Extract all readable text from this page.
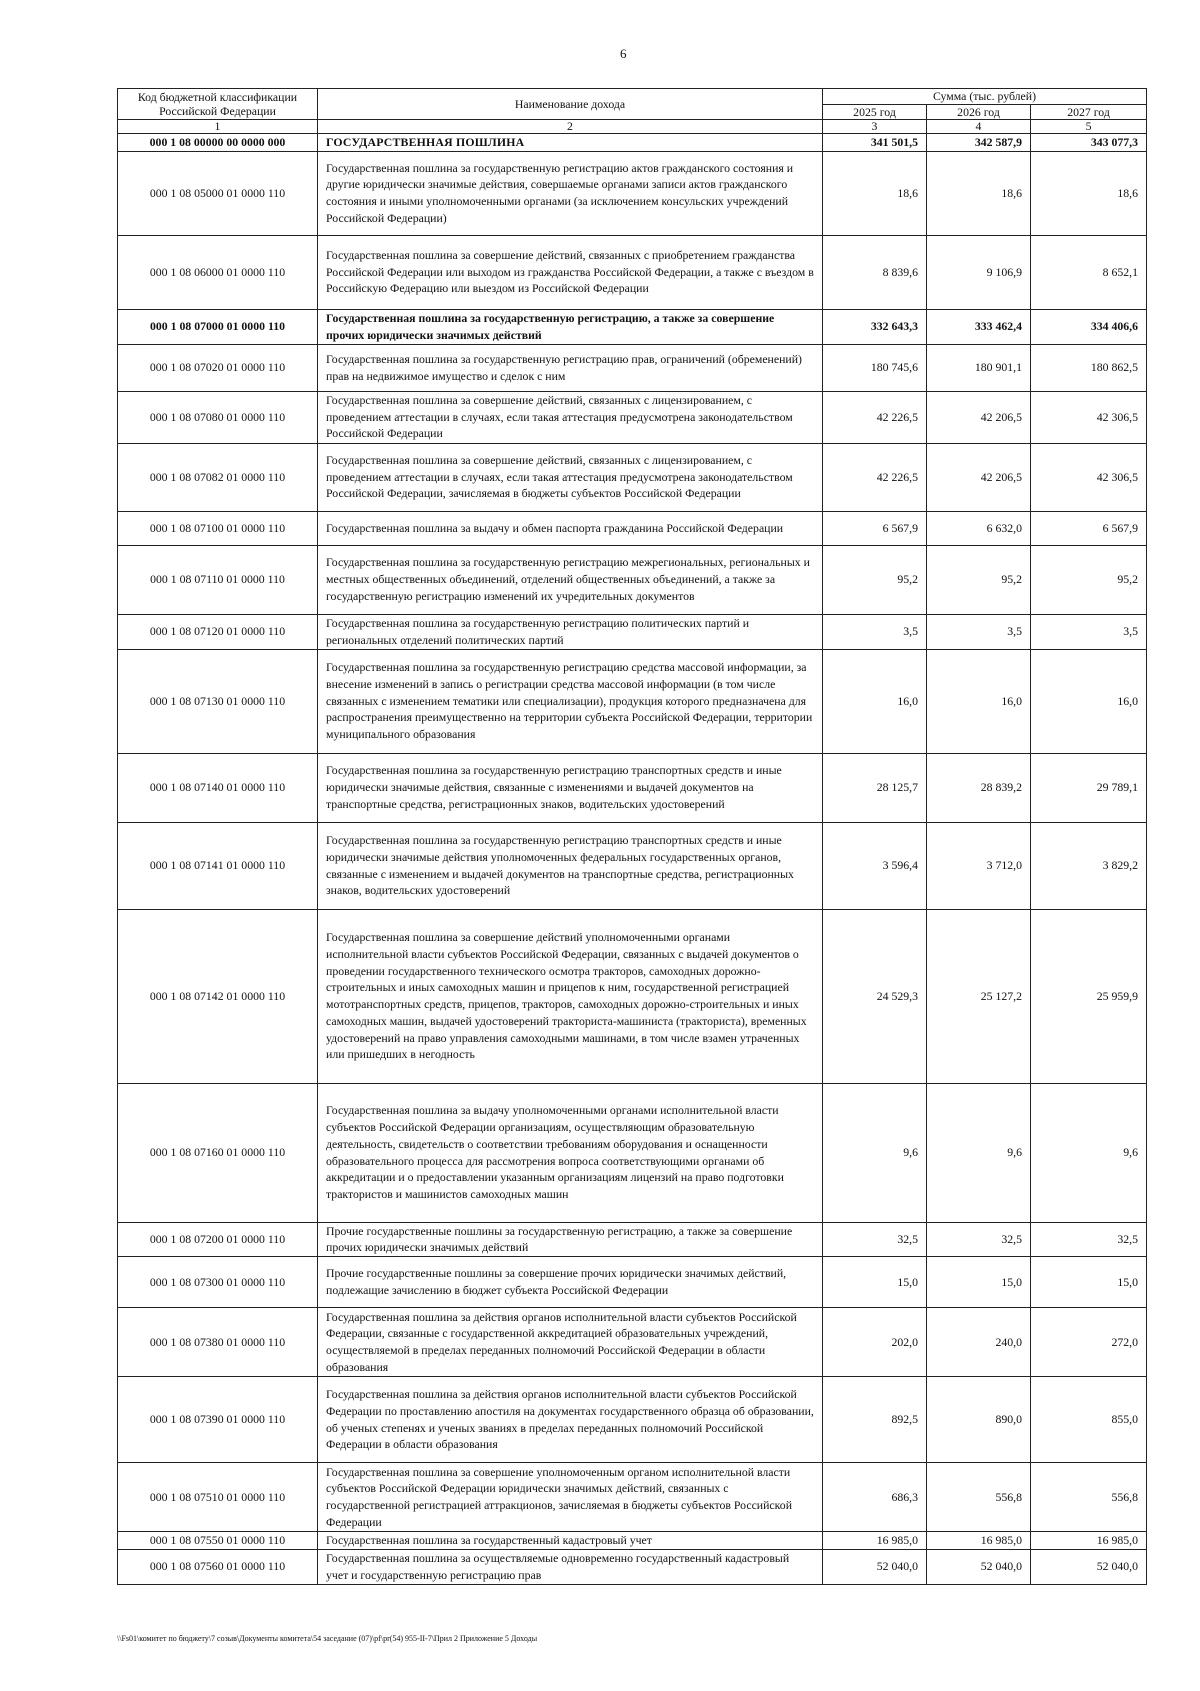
6
Код бюджетной классификации Российской Федерации	Наименование дохода	Сумма (тыс. рублей)		
		2025 год	2026 год	2027 год
1	2	3	4	5
000 1 08 00000 00 0000 000	ГОСУДАРСТВЕННАЯ ПОШЛИНА	341 501,5	342 587,9	343 077,3
000 1 08 05000 01 0000 110	Государственная пошлина за государственную регистрацию актов гражданского состояния и другие юридически значимые действия, совершаемые органами записи актов гражданского состояния и иными уполномоченными органами (за исключением консульских учреждений Российской Федерации)	18,6	18,6	18,6
000 1 08 06000 01 0000 110	Государственная пошлина за совершение действий, связанных с приобретением гражданства Российской Федерации или выходом из гражданства Российской Федерации, а также с въездом в Российскую Федерацию или выездом из Российской Федерации	8 839,6	9 106,9	8 652,1
000 1 08 07000 01 0000 110	Государственная пошлина за государственную регистрацию, а также за совершение прочих юридически значимых действий	332 643,3	333 462,4	334 406,6
000 1 08 07020 01 0000 110	Государственная пошлина за государственную регистрацию прав, ограничений (обременений) прав на недвижимое имущество и сделок с ним	180 745,6	180 901,1	180 862,5
000 1 08 07080 01 0000 110	Государственная пошлина за совершение действий, связанных с лицензированием, с проведением аттестации в случаях, если такая аттестация предусмотрена законодательством Российской Федерации	42 226,5	42 206,5	42 306,5
000 1 08 07082 01 0000 110	Государственная пошлина за совершение действий, связанных с лицензированием, с проведением аттестации в случаях, если такая аттестация предусмотрена законодательством Российской Федерации, зачисляемая в бюджеты субъектов Российской Федерации	42 226,5	42 206,5	42 306,5
000 1 08 07100 01 0000 110	Государственная пошлина за выдачу и обмен паспорта гражданина Российской Федерации	6 567,9	6 632,0	6 567,9
000 1 08 07110 01 0000 110	Государственная пошлина за государственную регистрацию межрегиональных, региональных и местных общественных объединений, отделений общественных объединений, а также за государственную регистрацию изменений их учредительных документов	95,2	95,2	95,2
000 1 08 07120 01 0000 110	Государственная пошлина за государственную регистрацию политических партий и региональных отделений политических партий	3,5	3,5	3,5
000 1 08 07130 01 0000 110	Государственная пошлина за государственную регистрацию средства массовой информации, за внесение изменений в запись о регистрации средства массовой информации (в том числе связанных с изменением тематики или специализации), продукция которого предназначена для распространения преимущественно на территории субъекта Российской Федерации, территории муниципального образования	16,0	16,0	16,0
000 1 08 07140 01 0000 110	Государственная пошлина за государственную регистрацию транспортных средств и иные юридически значимые действия, связанные с изменениями и выдачей документов на транспортные средства, регистрационных знаков, водительских удостоверений	28 125,7	28 839,2	29 789,1
000 1 08 07141 01 0000 110	Государственная пошлина за государственную регистрацию транспортных средств и иные юридически значимые действия уполномоченных федеральных государственных органов, связанные с изменением и выдачей документов на транспортные средства, регистрационных знаков, водительских удостоверений	3 596,4	3 712,0	3 829,2
000 1 08 07142 01 0000 110	Государственная пошлина за совершение действий уполномоченными органами исполнительной власти субъектов Российской Федерации, связанных с выдачей документов о проведении государственного технического осмотра тракторов, самоходных дорожно-строительных и иных самоходных машин и прицепов к ним, государственной регистрацией мототранспортных средств, прицепов, тракторов, самоходных дорожно-строительных и иных самоходных машин, выдачей удостоверений тракториста-машиниста (тракториста), временных удостоверений на право управления самоходными машинами, в том числе взамен утраченных или пришедших в негодность	24 529,3	25 127,2	25 959,9
000 1 08 07160 01 0000 110	Государственная пошлина за выдачу уполномоченными органами исполнительной власти субъектов Российской Федерации организациям, осуществляющим образовательную деятельность, свидетельств о соответствии требованиям оборудования и оснащенности образовательного процесса для рассмотрения вопроса соответствующими органами об аккредитации и о предоставлении указанным организациям лицензий на право подготовки трактористов и машинистов самоходных машин	9,6	9,6	9,6
000 1 08 07200 01 0000 110	Прочие государственные пошлины за государственную регистрацию, а также за совершение прочих юридически значимых действий	32,5	32,5	32,5
000 1 08 07300 01 0000 110	Прочие государственные пошлины за совершение прочих юридически значимых действий, подлежащие зачислению в бюджет субъекта Российской Федерации	15,0	15,0	15,0
000 1 08 07380 01 0000 110	Государственная пошлина за действия органов исполнительной власти субъектов Российской Федерации, связанные с государственной аккредитацией образовательных учреждений, осуществляемой в пределах переданных полномочий Российской Федерации в области образования	202,0	240,0	272,0
000 1 08 07390 01 0000 110	Государственная пошлина за действия органов исполнительной власти субъектов Российской Федерации по проставлению апостиля на документах государственного образца об образовании, об ученых степенях и ученых званиях в пределах переданных полномочий Российской Федерации в области образования	892,5	890,0	855,0
000 1 08 07510 01 0000 110	Государственная пошлина за совершение уполномоченным органом исполнительной власти субъектов Российской Федерации юридически значимых действий, связанных с государственной регистрацией аттракционов, зачисляемая в бюджеты субъектов Российской Федерации	686,3	556,8	556,8
000 1 08 07550 01 0000 110	Государственная пошлина за государственный кадастровый учет	16 985,0	16 985,0	16 985,0
000 1 08 07560 01 0000 110	Государственная пошлина за осуществляемые одновременно государственный кадастровый учет и государственную регистрацию прав	52 040,0	52 040,0	52 040,0
\\Fs01\комитет по бюджету\7 созыв\Документы комитета\54 заседание (07)\pf\pr(54) 955-II-7\Прил 2 Приложение 5 Доходы
